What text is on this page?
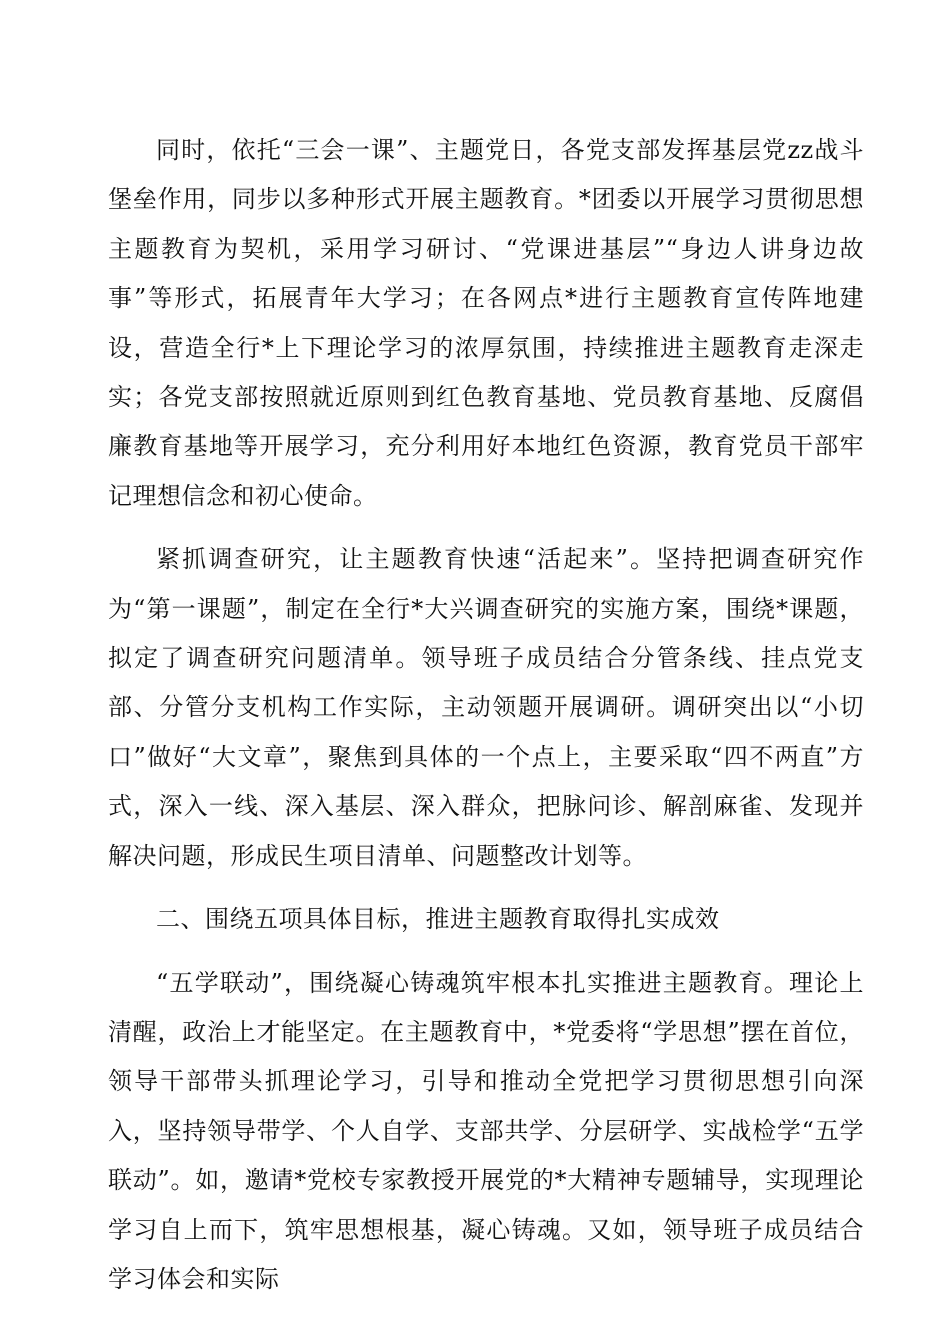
同时，依托“三会一课”、主题党日，各党支部发挥基层党zz战斗堡垒作用，同步以多种形式开展主题教育。*团委以开展学习贯彻思想主题教育为契机，采用学习研讨、“党课进基层”“身边人讲身边故事”等形式，拓展青年大学习；在各网点*进行主题教育宣传阵地建设，营造全行*上下理论学习的浓厚氛围，持续推进主题教育走深走实；各党支部按照就近原则到红色教育基地、党员教育基地、反腐倡廉教育基地等开展学习，充分利用好本地红色资源，教育党员干部牢记理想信念和初心使命。

紧抓调查研究，让主题教育快速“活起来”。坚持把调查研究作为“第一课题”，制定在全行*大兴调查研究的实施方案，围绕*课题，拟定了调查研究问题清单。领导班子成员结合分管条线、挂点党支部、分管分支机构工作实际，主动领题开展调研。调研突出以“小切口”做好“大文章”，聚焦到具体的一个点上，主要采取“四不两直”方式，深入一线、深入基层、深入群众，把脉问诊、解剖麻雀、发现并解决问题，形成民生项目清单、问题整改计划等。

二、围绕五项具体目标，推进主题教育取得扎实成效

“五学联动”，围绕凝心铸魂筑牢根本扎实推进主题教育。理论上清醒，政治上才能坚定。在主题教育中，*党委将“学思想”摆在首位，领导干部带头抓理论学习，引导和推动全党把学习贯彻思想引向深入，坚持领导带学、个人自学、支部共学、分层研学、实战检学“五学联动”。如，邀请*党校专家教授开展党的*大精神专题辅导，实现理论学习自上而下，筑牢思想根基，凝心铸魂。又如，领导班子成员结合学习体会和实际
